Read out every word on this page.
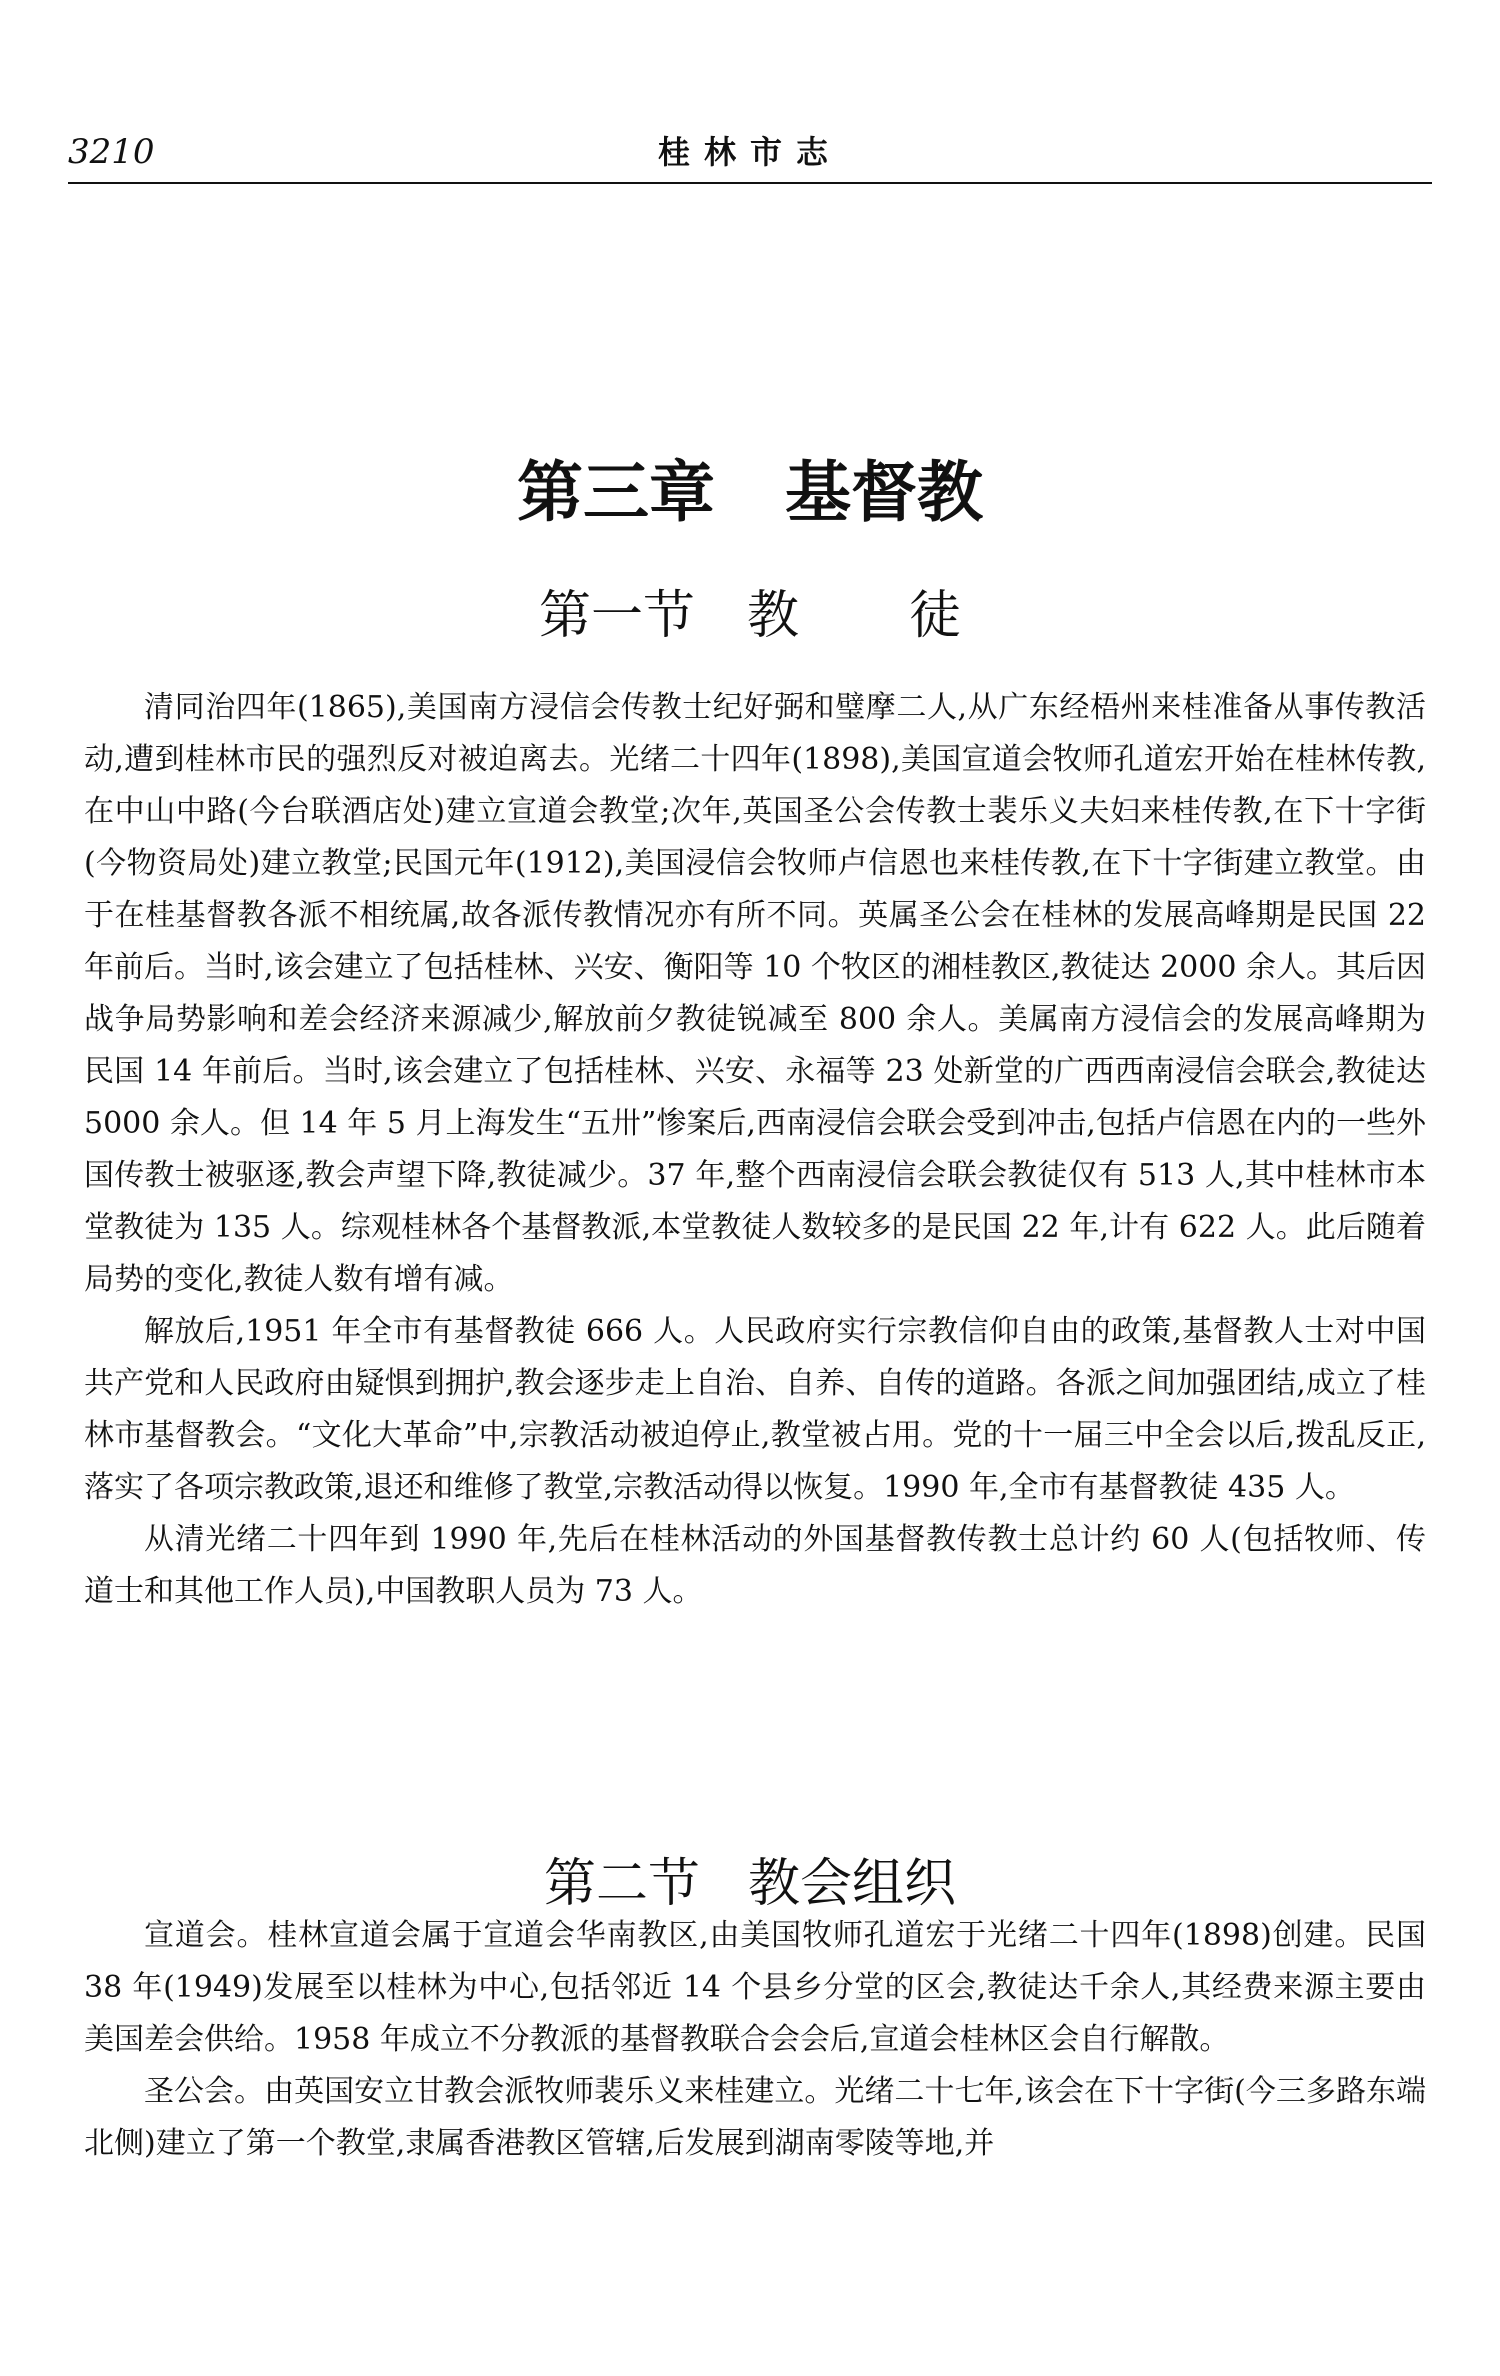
3210	桂林市志
第三章 基督教
第一节 教 徒

清同治四年(1865),美国南方浸信会传教士纪好弼和璧摩二人,从广东经梧州来桂准备从事传教活动,遭到桂林市民的强烈反对被迫离去。光绪二十四年(1898),美国宣道会牧师孔道宏开始在桂林传教,在中山中路(今台联酒店处)建立宣道会教堂;次年,英国圣公会传教士裴乐义夫妇来桂传教,在下十字街(今物资局处)建立教堂;民国元年(1912),美国浸信会牧师卢信恩也来桂传教,在下十字街建立教堂。由于在桂基督教各派不相统属,故各派传教情况亦有所不同。英属圣公会在桂林的发展高峰期是民国 22 年前后。当时,该会建立了包括桂林、兴安、衡阳等 10 个牧区的湘桂教区,教徒达 2000 余人。其后因战争局势影响和差会经济来源减少,解放前夕教徒锐减至 800 余人。美属南方浸信会的发展高峰期为民国 14 年前后。当时,该会建立了包括桂林、兴安、永福等 23 处新堂的广西西南浸信会联会,教徒达 5000 余人。但 14 年 5 月上海发生“五卅”惨案后,西南浸信会联会受到冲击,包括卢信恩在内的一些外国传教士被驱逐,教会声望下降,教徒减少。37 年,整个西南浸信会联会教徒仅有 513 人,其中桂林市本堂教徒为 135 人。综观桂林各个基督教派,本堂教徒人数较多的是民国 22 年,计有 622 人。此后随着局势的变化,教徒人数有增有减。

解放后,1951 年全市有基督教徒 666 人。人民政府实行宗教信仰自由的政策,基督教人士对中国共产党和人民政府由疑惧到拥护,教会逐步走上自治、自养、自传的道路。各派之间加强团结,成立了桂林市基督教会。“文化大革命”中,宗教活动被迫停止,教堂被占用。党的十一届三中全会以后,拨乱反正,落实了各项宗教政策,退还和维修了教堂,宗教活动得以恢复。1990 年,全市有基督教徒 435 人。

从清光绪二十四年到 1990 年,先后在桂林活动的外国基督教传教士总计约 60 人(包括牧师、传道士和其他工作人员),中国教职人员为 73 人。

第二节 教会组织

宣道会。桂林宣道会属于宣道会华南教区,由美国牧师孔道宏于光绪二十四年(1898)创建。民国 38 年(1949)发展至以桂林为中心,包括邻近 14 个县乡分堂的区会,教徒达千余人,其经费来源主要由美国差会供给。1958 年成立不分教派的基督教联合会会后,宣道会桂林区会自行解散。

圣公会。由英国安立甘教会派牧师裴乐义来桂建立。光绪二十七年,该会在下十字街(今三多路东端北侧)建立了第一个教堂,隶属香港教区管辖,后发展到湖南零陵等地,并
